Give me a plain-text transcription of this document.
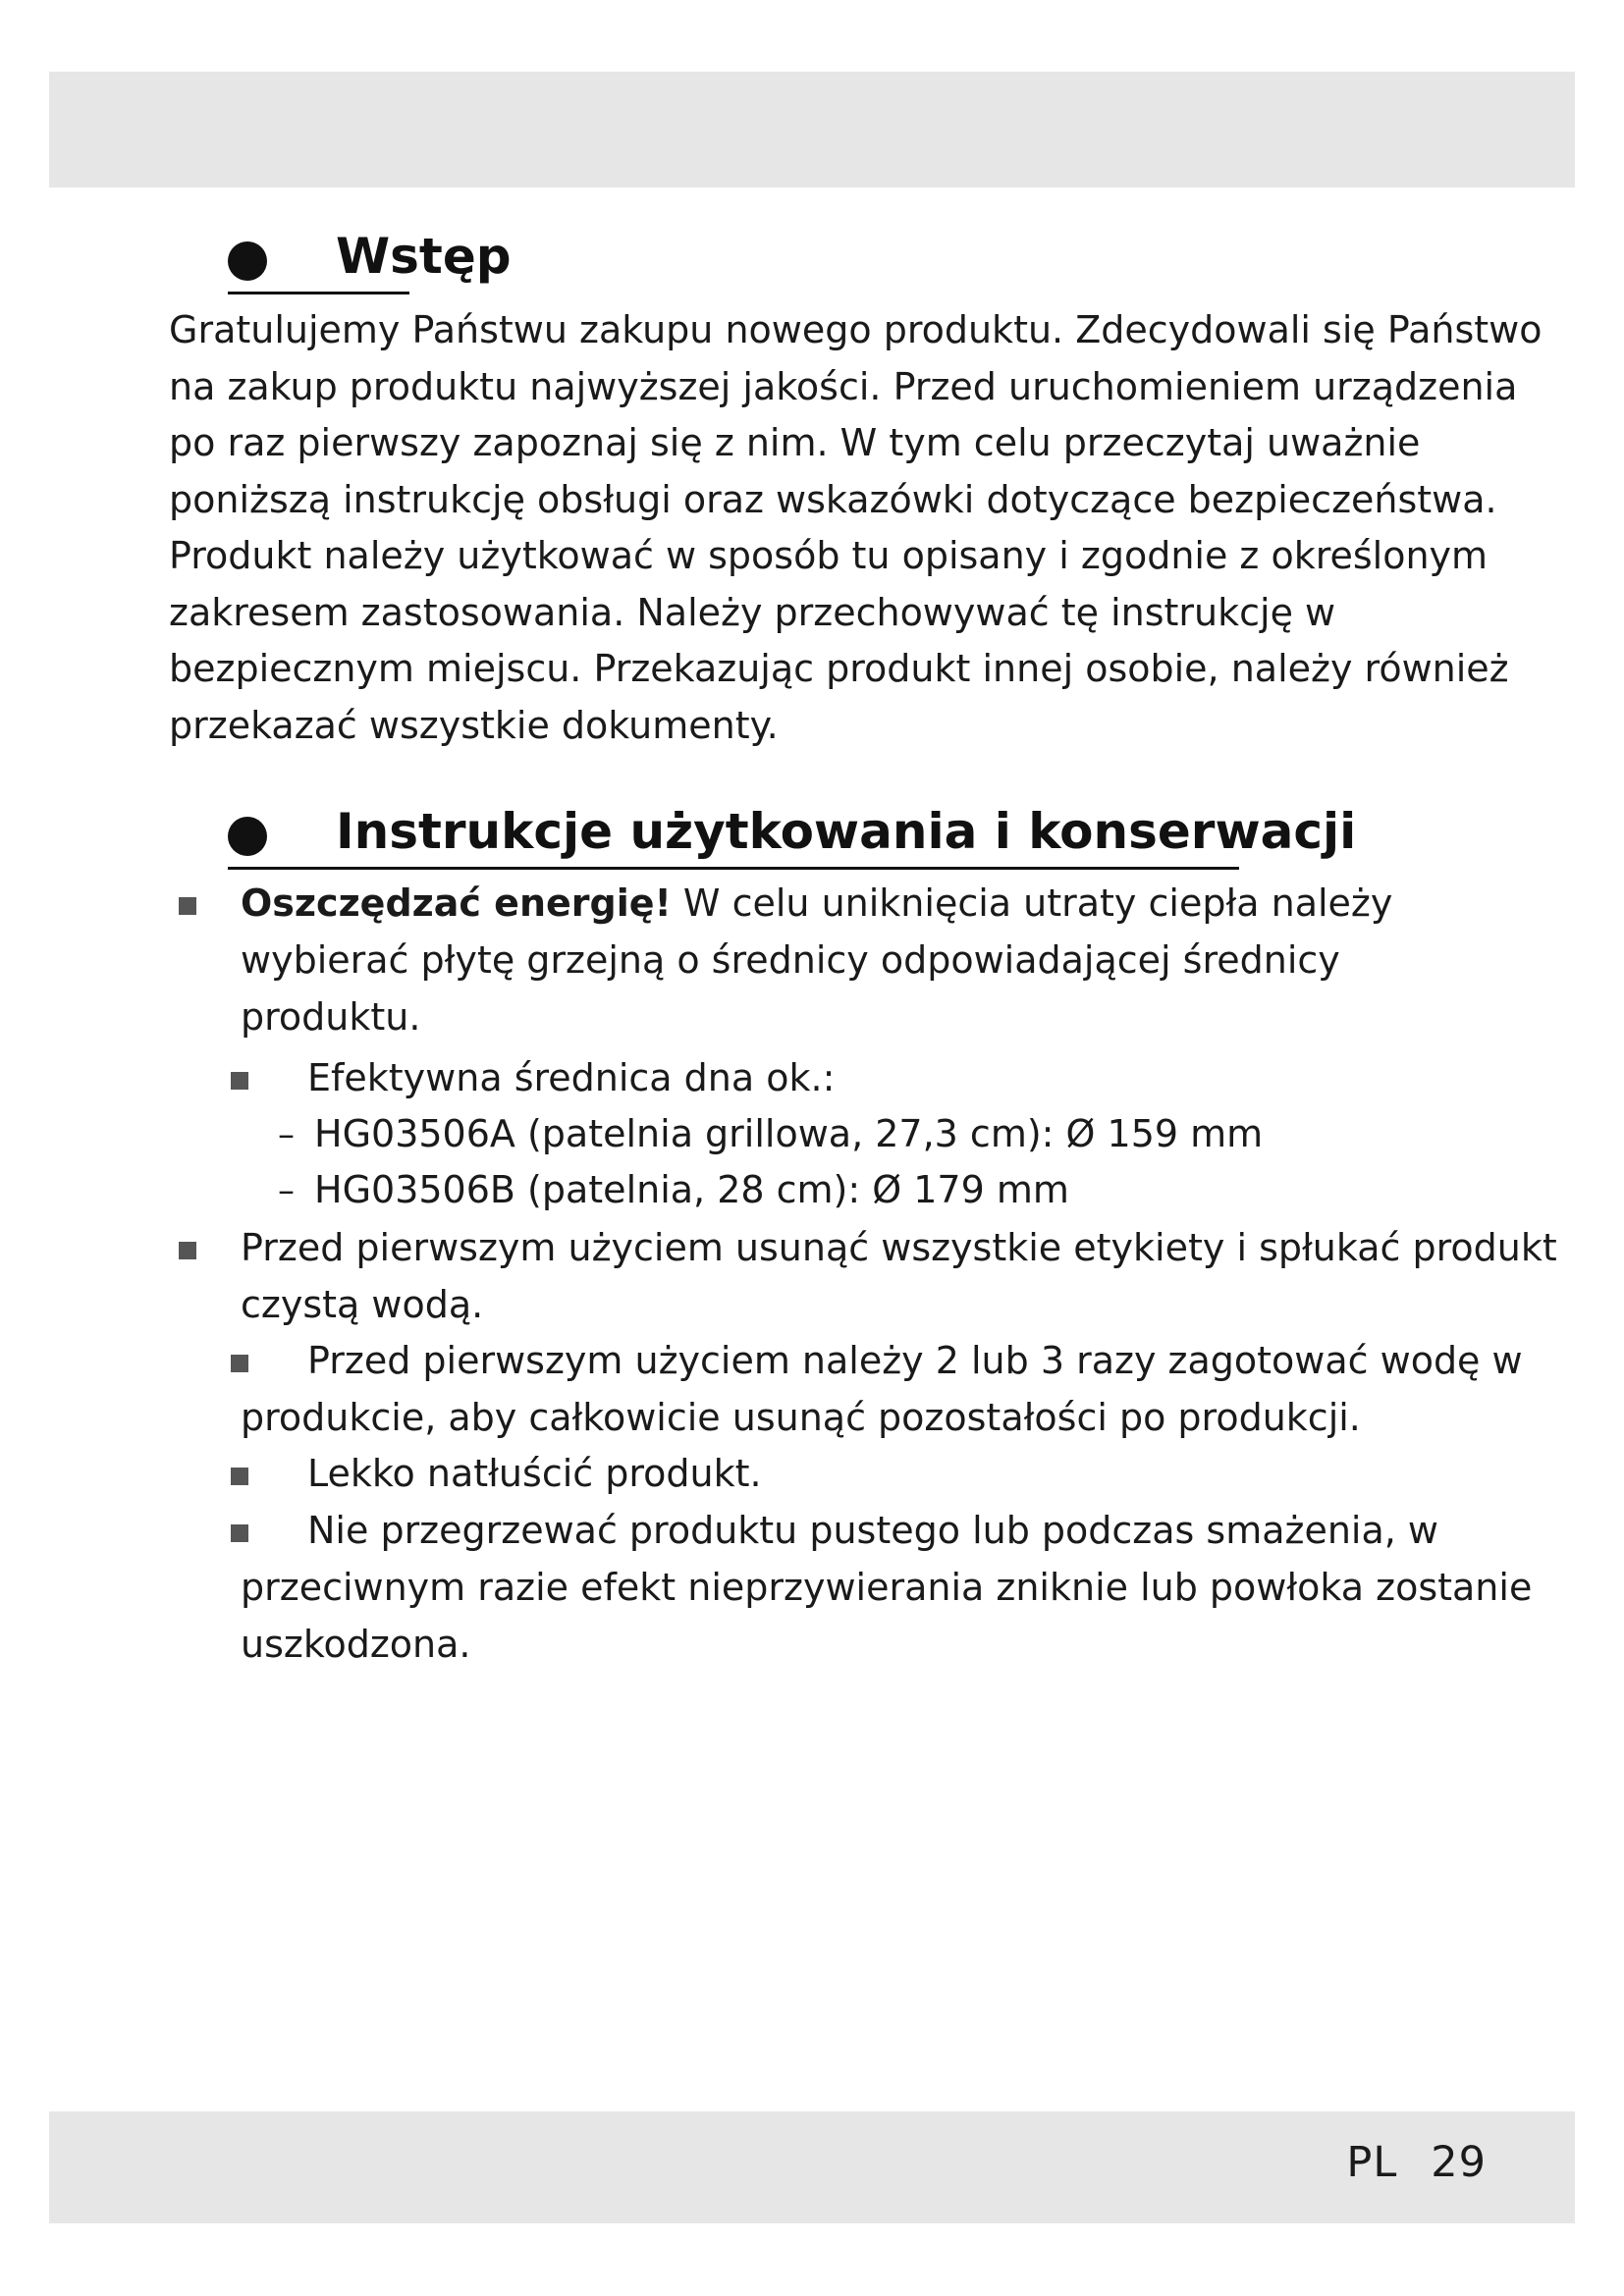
Wstęp
Gratulujemy Państwu zakupu nowego produktu. Zdecydowali się Państwo
na zakup produktu najwyższej jakości. Przed uruchomieniem urządzenia
po raz pierwszy zapoznaj się z nim. W tym celu przeczytaj uważnie
poniższą instrukcję obsługi oraz wskazówki dotyczące bezpieczeństwa.
Produkt należy użytkować w sposób tu opisany i zgodnie z określonym
zakresem zastosowania. Należy przechowywać tę instrukcję w
bezpiecznym miejscu. Przekazując produkt innej osobie, należy również
przekazać wszystkie dokumenty.
Instrukcje użytkowania i konserwacji
Oszczędzać energię! W celu uniknięcia utraty ciepła należy
wybierać płytę grzejną o średnicy odpowiadającej średnicy
produktu.
Efektywna średnica dna ok.:
– HG03506A (patelnia grillowa, 27,3 cm): Ø 159 mm
– HG03506B (patelnia, 28 cm): Ø 179 mm
Przed pierwszym użyciem usunąć wszystkie etykiety i spłukać produkt
czystą wodą.
Przed pierwszym użyciem należy 2 lub 3 razy zagotować wodę w
produkcie, aby całkowicie usunąć pozostałości po produkcji.
Lekko natłuścić produkt.
Nie przegrzewać produktu pustego lub podczas smażenia, w
przeciwnym razie efekt nieprzywierania zniknie lub powłoka zostanie
uszkodzona.
PL 29
